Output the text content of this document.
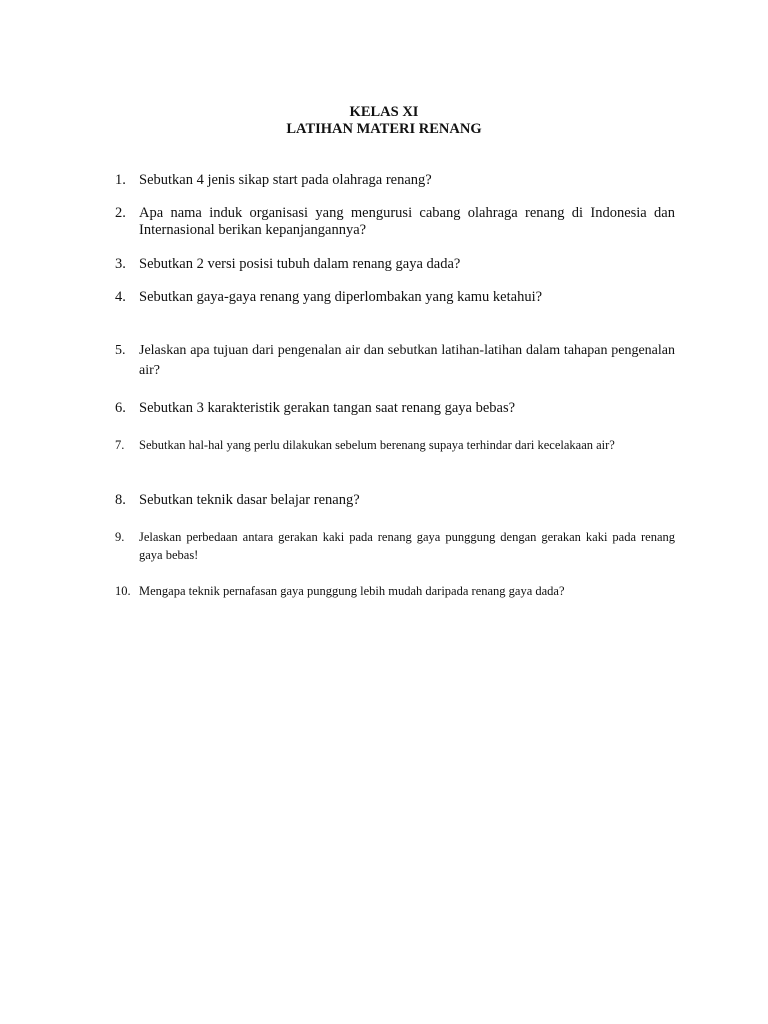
KELAS XI
LATIHAN MATERI RENANG
1. Sebutkan 4 jenis sikap start pada olahraga renang?
2. Apa nama induk organisasi yang mengurusi cabang olahraga renang di Indonesia dan Internasional berikan kepanjangannya?
3. Sebutkan 2 versi posisi tubuh dalam renang gaya dada?
4. Sebutkan gaya-gaya renang yang diperlombakan yang kamu ketahui?
5. Jelaskan apa tujuan dari pengenalan air dan sebutkan latihan-latihan dalam tahapan pengenalan air?
6. Sebutkan 3 karakteristik gerakan tangan saat renang gaya bebas?
7.	Sebutkan hal-hal yang perlu dilakukan sebelum berenang supaya terhindar dari kecelakaan air?
8. Sebutkan teknik dasar belajar renang?
9.	Jelaskan perbedaan antara gerakan kaki pada renang gaya punggung dengan gerakan kaki pada renang gaya bebas!
10. Mengapa teknik pernafasan gaya punggung lebih mudah daripada renang gaya dada?
